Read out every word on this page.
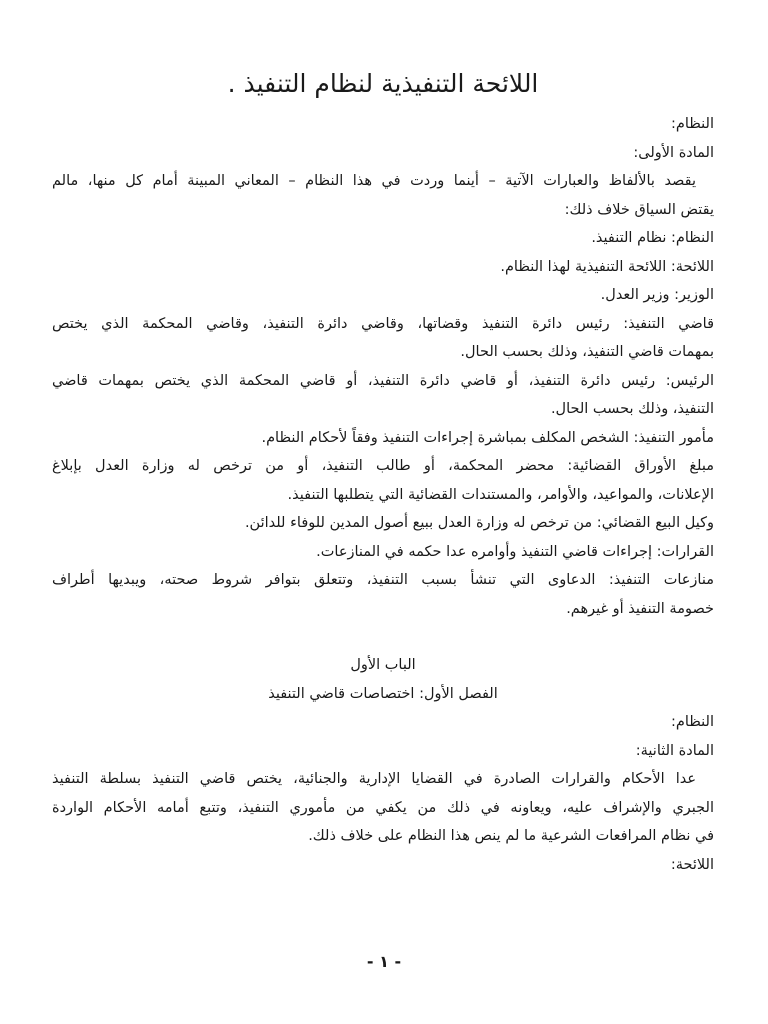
اللائحة التنفيذية لنظام التنفيذ .

النظام:

المادة الأولى:

يقصد بالألفاظ والعبارات الآتية – أينما وردت في هذا النظام – المعاني المبينة أمام كل منها، مالم

يقتض السياق خلاف ذلك:

النظام: نظام التنفيذ.

اللائحة: اللائحة التنفيذية لهذا النظام.

الوزير: وزير العدل.

قاضي التنفيذ: رئيس دائرة التنفيذ وقضاتها، وقاضي دائرة التنفيذ، وقاضي المحكمة الذي يختص

بمهمات قاضي التنفيذ، وذلك بحسب الحال.

الرئيس: رئيس دائرة التنفيذ، أو قاضي دائرة التنفيذ، أو قاضي المحكمة الذي يختص بمهمات قاضي

التنفيذ، وذلك بحسب الحال.

مأمور التنفيذ: الشخص المكلف بمباشرة إجراءات التنفيذ وفقاً لأحكام النظام.

مبلغ الأوراق القضائية: محضر المحكمة، أو طالب التنفيذ، أو من ترخص له وزارة العدل بإبلاغ

الإعلانات، والمواعيد، والأوامر، والمستندات القضائية التي يتطلبها التنفيذ.

وكيل البيع القضائي: من ترخص له وزارة العدل ببيع أصول المدين للوفاء للدائن.

القرارات: إجراءات قاضي التنفيذ وأوامره عدا حكمه في المنازعات.

منازعات التنفيذ: الدعاوى التي تنشأ بسبب التنفيذ، وتتعلق بتوافر شروط صحته، ويبديها أطراف

خصومة التنفيذ أو غيرهم.

الباب الأول

الفصل الأول: اختصاصات قاضي التنفيذ

النظام:

المادة الثانية:

عدا الأحكام والقرارات الصادرة في القضايا الإدارية والجنائية، يختص قاضي التنفيذ بسلطة التنفيذ

الجبري والإشراف عليه، ويعاونه في ذلك من يكفي من مأموري التنفيذ، وتتبع أمامه الأحكام الواردة

في نظام المرافعات الشرعية ما لم ينص هذا النظام على خلاف ذلك.

اللائحة:

- ١ -
